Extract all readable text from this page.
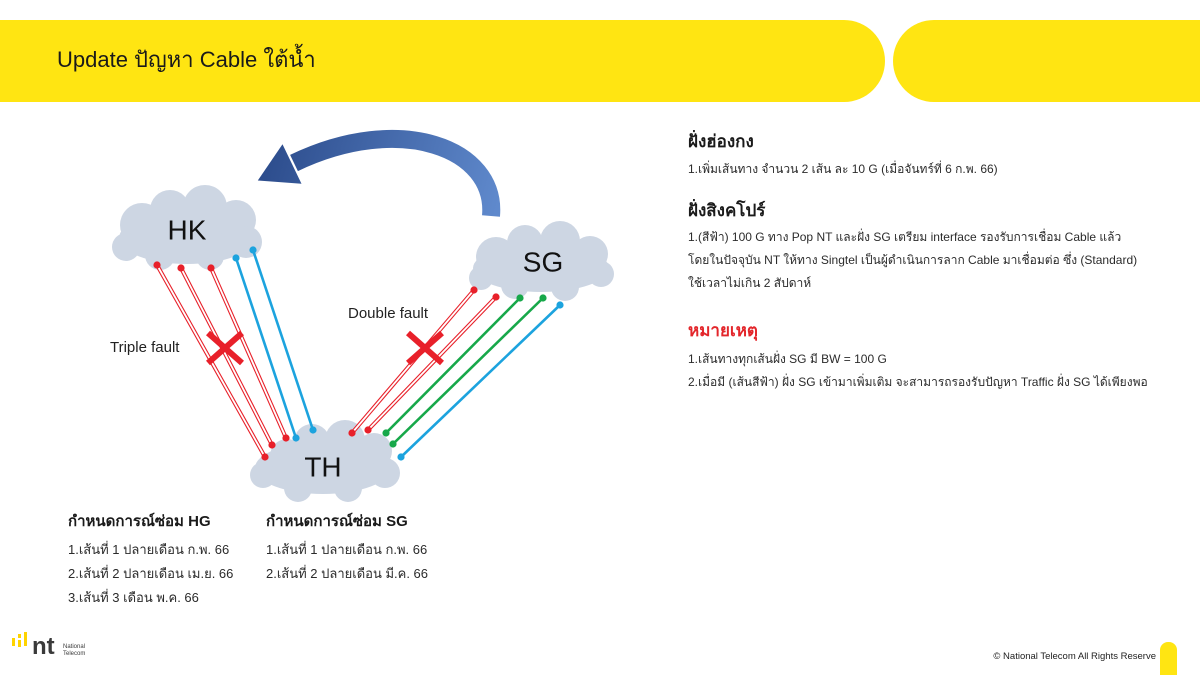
Update ปัญหา Cable ใต้น้ำ
Triple fault
Double fault
HK
SG
TH
กำหนดการณ์ซ่อม HG
1.เส้นที่ 1 ปลายเดือน ก.พ. 66
2.เส้นที่ 2 ปลายเดือน เม.ย. 66
3.เส้นที่ 3 เดือน พ.ค. 66
กำหนดการณ์ซ่อม SG
1.เส้นที่ 1 ปลายเดือน ก.พ. 66
2.เส้นที่ 2 ปลายเดือน มี.ค. 66
ฝั่งฮ่องกง
1.เพิ่มเส้นทาง จำนวน 2 เส้น ละ 10 G (เมื่อจันทร์ที่ 6 ก.พ. 66)
ฝั่งสิงคโปร์
1.(สีฟ้า) 100 G ทาง Pop NT และฝั่ง SG เตรียม interface รองรับการเชื่อม Cable แล้ว
โดยในปัจจุบัน NT ให้ทาง Singtel เป็นผู้ดำเนินการลาก Cable มาเชื่อมต่อ ซึ่ง (Standard)
ใช้เวลาไม่เกิน 2 สัปดาห์
หมายเหตุ
1.เส้นทางทุกเส้นฝั่ง SG มี BW = 100 G
2.เมื่อมี (เส้นสีฟ้า) ฝั่ง SG เข้ามาเพิ่มเติม จะสามารถรองรับปัญหา Traffic ฝั่ง SG ได้เพียงพอ
nt National
Telecom	© National Telecom All Rights Reserve
